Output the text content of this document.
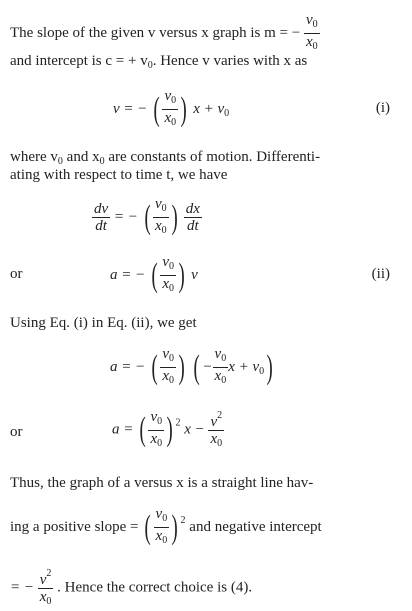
The slope of the given v versus x graph is m = − $\frac{v_0}{x_0}$
and intercept is c = + $v_0$. Hence v varies with x as
v = − ( $\frac{v_0}{x_0}$ ) $x + v_0$	(i)
where $v_0$ and $x_0$ are constants of motion. Differenti-
ating with respect to time t, we have
$\frac{dv}{dt}$ = − ( $\frac{v_0}{x_0}$ ) $\frac{dx}{dt}$
or	a = − ( $\frac{v_0}{x_0}$ ) v	(ii)
Using Eq. (i) in Eq. (ii), we get
a = − ( $\frac{v_0}{x_0}$ ) ( − $\frac{v_0}{x_0}$ $x + v_0$)
or	a = ( $\frac{v_0}{x_0}$ ) $^2$ $x - \frac{v^2}{x_0}$
Thus, the graph of a versus x is a straight line hav-
ing a positive slope = ( $\frac{v_0}{x_0}$ ) $^2$ and negative intercept
= − $\frac{v^2}{x_0}$ . Hence the correct choice is (4).
